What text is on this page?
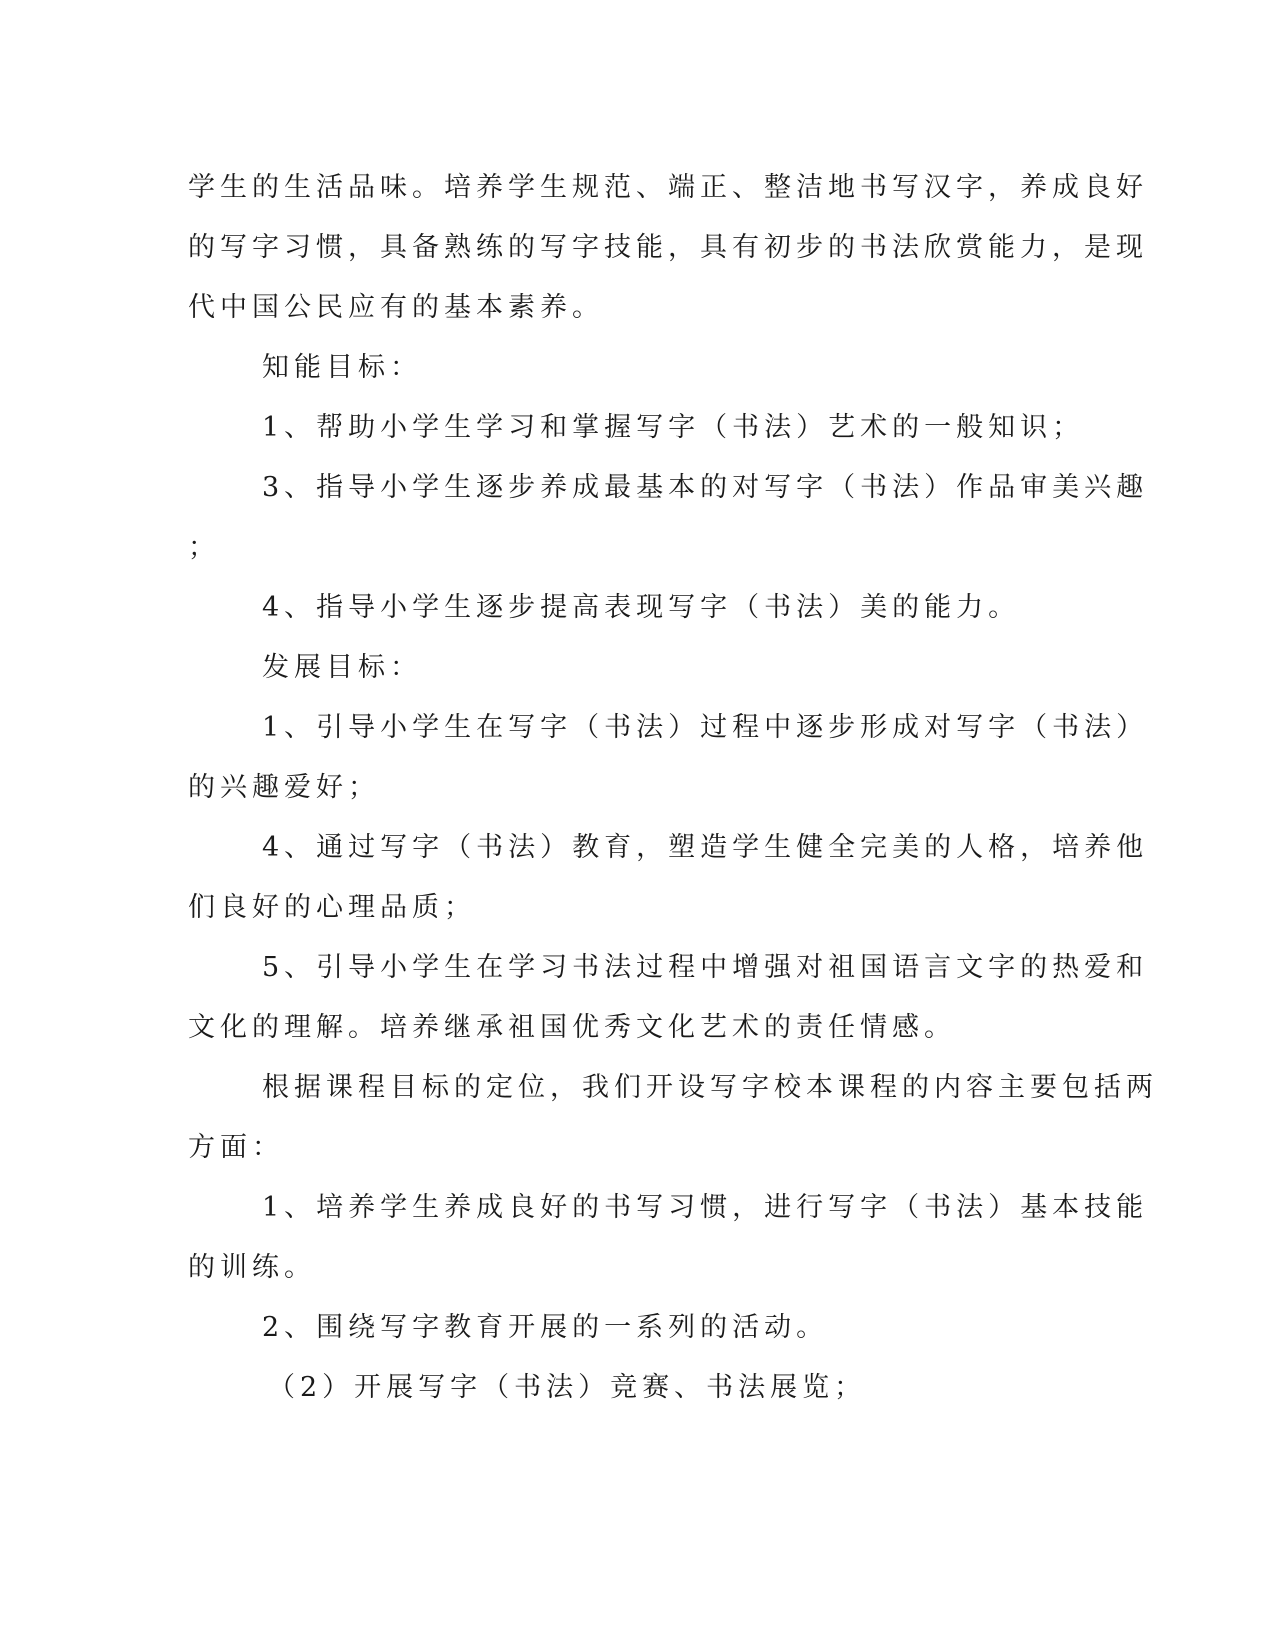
学生的生活品味。培养学生规范、端正、整洁地书写汉字，养成良好
的写字习惯，具备熟练的写字技能，具有初步的书法欣赏能力，是现
代中国公民应有的基本素养。
知能目标：
1、帮助小学生学习和掌握写字（书法）艺术的一般知识；
3、指导小学生逐步养成最基本的对写字（书法）作品审美兴趣
；
4、指导小学生逐步提高表现写字（书法）美的能力。
发展目标：
1、引导小学生在写字（书法）过程中逐步形成对写字（书法）
的兴趣爱好；
4、通过写字（书法）教育，塑造学生健全完美的人格，培养他
们良好的心理品质；
5、引导小学生在学习书法过程中增强对祖国语言文字的热爱和
文化的理解。培养继承祖国优秀文化艺术的责任情感。
根据课程目标的定位，我们开设写字校本课程的内容主要包括两
方面：
1、培养学生养成良好的书写习惯，进行写字（书法）基本技能
的训练。
2、围绕写字教育开展的一系列的活动。
（2）开展写字（书法）竞赛、书法展览；
